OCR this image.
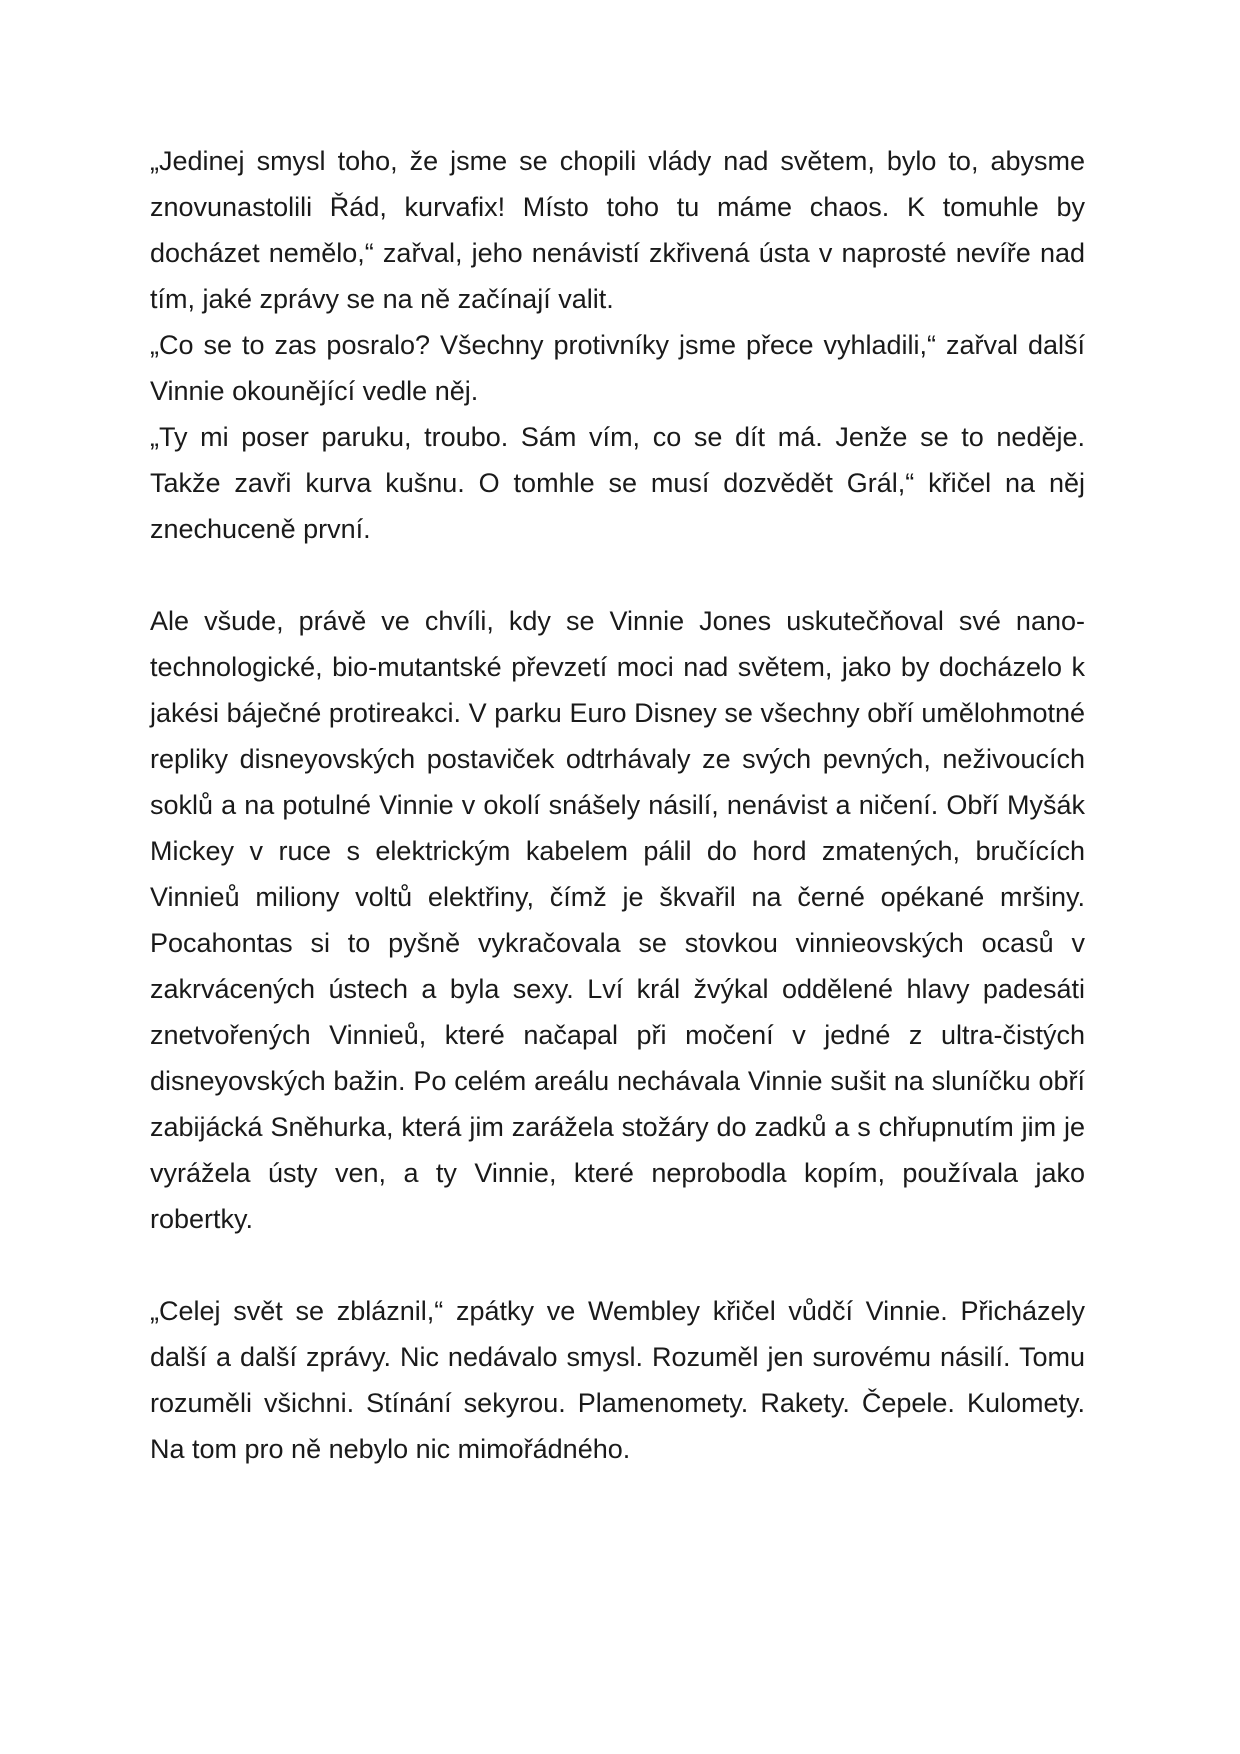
„Jedinej smysl toho, že jsme se chopili vlády nad světem, bylo to, abysme znovunastolili Řád, kurvafix! Místo toho tu máme chaos. K tomuhle by docházet nemělo,“ zařval, jeho nenávistí zkřivená ústa v naprosté nevíře nad tím, jaké zprávy se na ně začínají valit.

„Co se to zas posralo? Všechny protivníky jsme přece vyhladili,“ zařval další Vinnie okounějící vedle něj.

„Ty mi poser paruku, troubo. Sám vím, co se dít má. Jenže se to neděje. Takže zavři kurva kušnu. O tomhle se musí dozvědět Grál,“ křičel na něj znechuceně první.

Ale všude, právě ve chvíli, kdy se Vinnie Jones uskutečňoval své nano-technologické, bio-mutantské převzetí moci nad světem, jako by docházelo k jakési báječné protireakci. V parku Euro Disney se všechny obří umělohmotné repliky disneyovských postaviček odtrhávaly ze svých pevných, neživoucích soklů a na potulné Vinnie v okolí snášely násilí, nenávist a ničení. Obří Myšák Mickey v ruce s elektrickým kabelem pálil do hord zmatených, bručících Vinnieů miliony voltů elektřiny, čímž je škvařil na černé opékané mršiny. Pocahontas si to pyšně vykračovala se stovkou vinnieovských ocasů v zakrvácených ústech a byla sexy. Lví král žvýkal oddělené hlavy padesáti znetvořených Vinnieů, které načapal při močení v jedné z ultra-čistých disneyovských bažin. Po celém areálu nechávala Vinnie sušit na sluníčku obří zabijácká Sněhurka, která jim zarážela stožáry do zadků a s chřupnutím jim je vyrážela ústy ven, a ty Vinnie, které neprobodla kopím, používala jako robertky.

„Celej svět se zbláznil,“ zpátky ve Wembley křičel vůdčí Vinnie. Přicházely další a další zprávy. Nic nedávalo smysl. Rozuměl jen surovému násilí. Tomu rozuměli všichni. Stínání sekyrou. Plamenomety. Rakety. Čepele. Kulomety. Na tom pro ně nebylo nic mimořádného.
